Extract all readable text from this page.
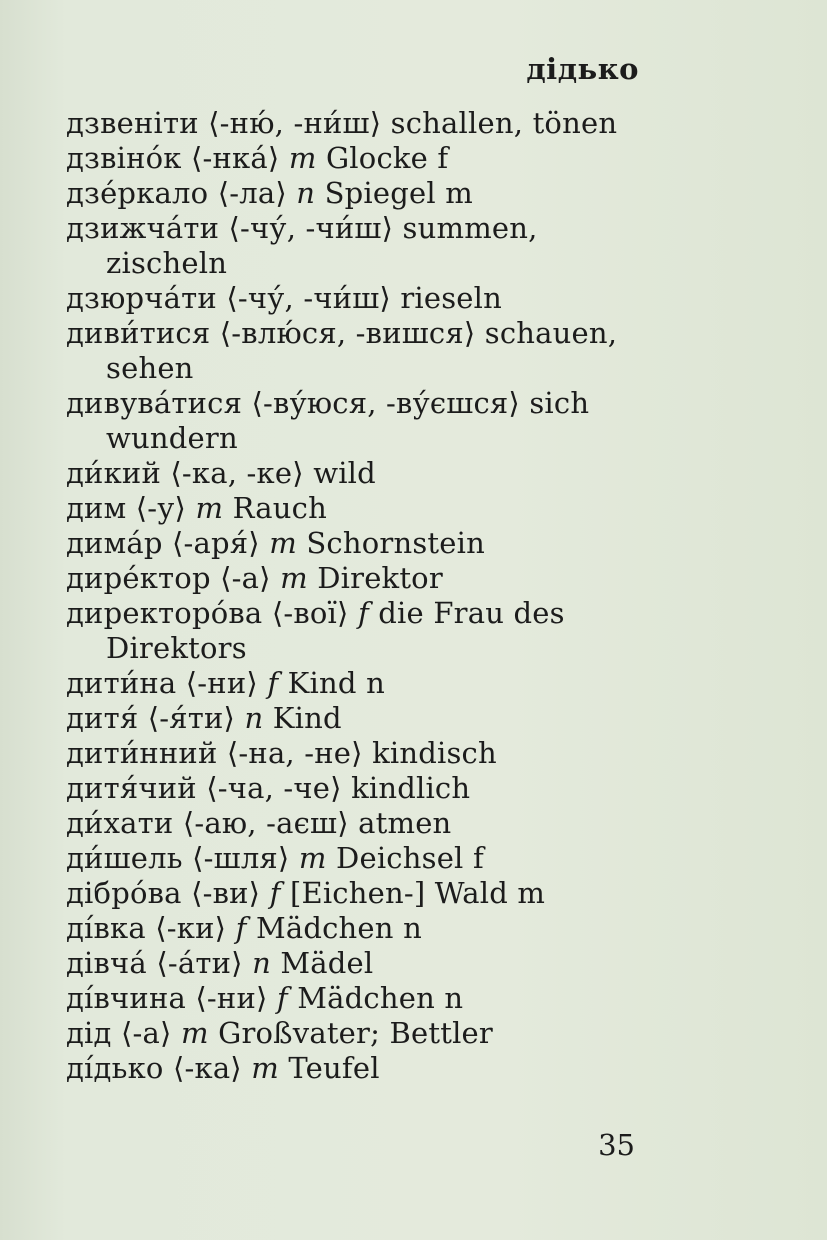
дідько
дзвеніти ⟨-ню́, -ни́ш⟩ schallen, tönen
дзвіно́к ⟨-нка́⟩ m Glocke f
дзе́ркало ⟨-ла⟩ n Spiegel m
дзижча́ти ⟨-чу́, -чи́ш⟩ summen, zischeln
дзюрча́ти ⟨-чу́, -чи́ш⟩ rieseln
диви́тися ⟨-влю́ся, -вишся⟩ schauen, sehen
дивува́тися ⟨-ву́юся, -ву́єшся⟩ sich wundern
ди́кий ⟨-ка, -ке⟩ wild
дим ⟨-у⟩ m Rauch
дима́р ⟨-аря́⟩ m Schornstein
дире́ктор ⟨-а⟩ m Direktor
директоро́ва ⟨-вої⟩ f die Frau des Direktors
дити́на ⟨-ни⟩ f Kind n
дитя́ ⟨-я́ти⟩ n Kind
дити́нний ⟨-на, -не⟩ kindisch
дитя́чий ⟨-ча, -че⟩ kindlich
ди́хати ⟨-аю, -аєш⟩ atmen
ди́шель ⟨-шля⟩ m Deichsel f
дібро́ва ⟨-ви⟩ f [Eichen-] Wald m
ді́вка ⟨-ки⟩ f Mädchen n
дівча́ ⟨-а́ти⟩ n Mädel
ді́вчина ⟨-ни⟩ f Mädchen n
дід ⟨-а⟩ m Großvater; Bettler
ді́дько ⟨-ка⟩ m Teufel
35
